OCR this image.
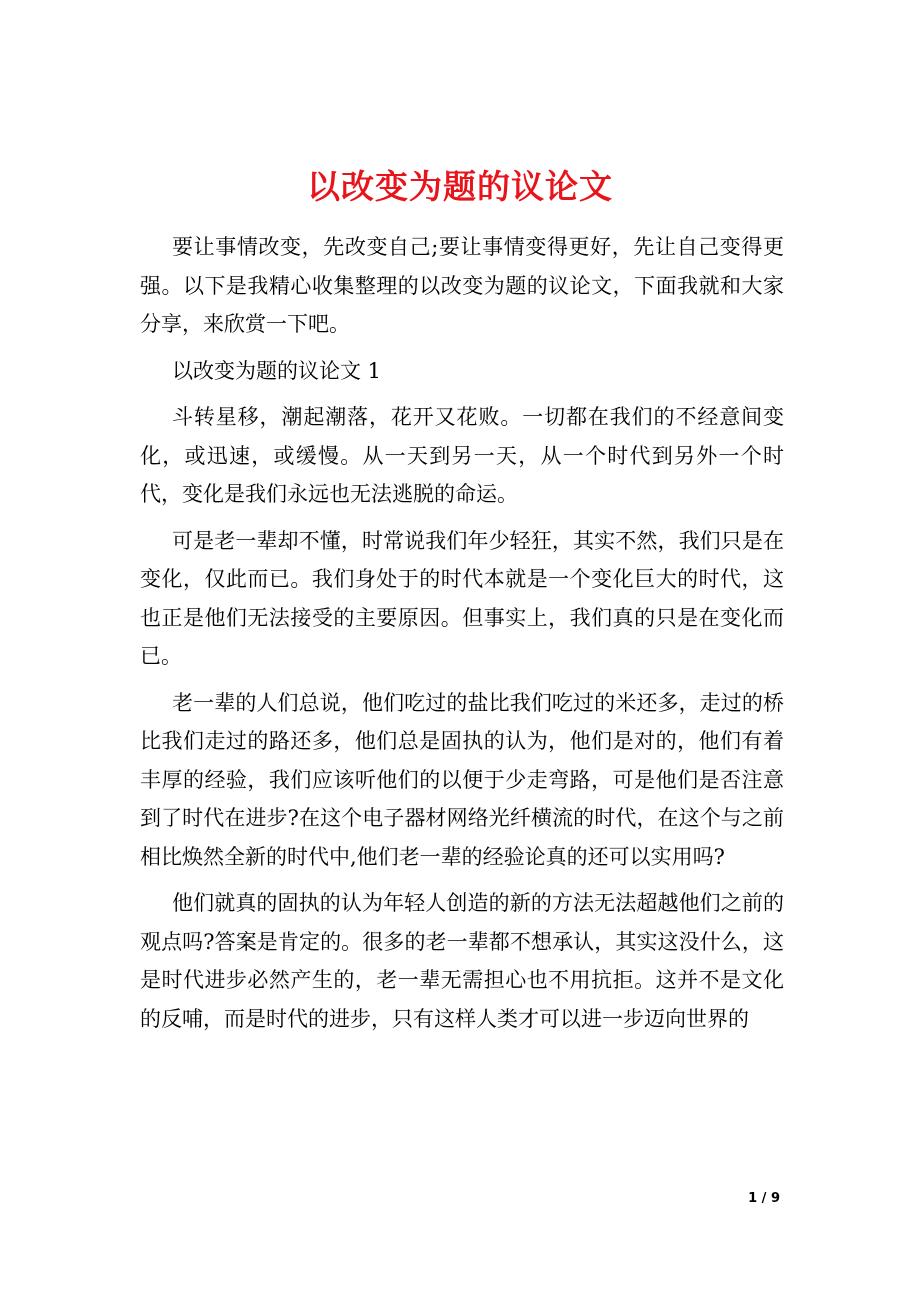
以改变为题的议论文

要让事情改变，先改变自己;要让事情变得更好，先让自己变得更强。以下是我精心收集整理的以改变为题的议论文，下面我就和大家分享，来欣赏一下吧。

以改变为题的议论文 1

斗转星移，潮起潮落，花开又花败。一切都在我们的不经意间变化，或迅速，或缓慢。从一天到另一天，从一个时代到另外一个时代，变化是我们永远也无法逃脱的命运。

可是老一辈却不懂，时常说我们年少轻狂，其实不然，我们只是在变化，仅此而已。我们身处于的时代本就是一个变化巨大的时代，这也正是他们无法接受的主要原因。但事实上，我们真的只是在变化而已。

老一辈的人们总说，他们吃过的盐比我们吃过的米还多，走过的桥比我们走过的路还多，他们总是固执的认为，他们是对的，他们有着丰厚的经验，我们应该听他们的以便于少走弯路，可是他们是否注意到了时代在进步?在这个电子器材网络光纤横流的时代，在这个与之前相比焕然全新的时代中,他们老一辈的经验论真的还可以实用吗?

他们就真的固执的认为年轻人创造的新的方法无法超越他们之前的观点吗?答案是肯定的。很多的老一辈都不想承认，其实这没什么，这是时代进步必然产生的，老一辈无需担心也不用抗拒。这并不是文化的反哺，而是时代的进步，只有这样人类才可以进一步迈向世界的

1 / 9
